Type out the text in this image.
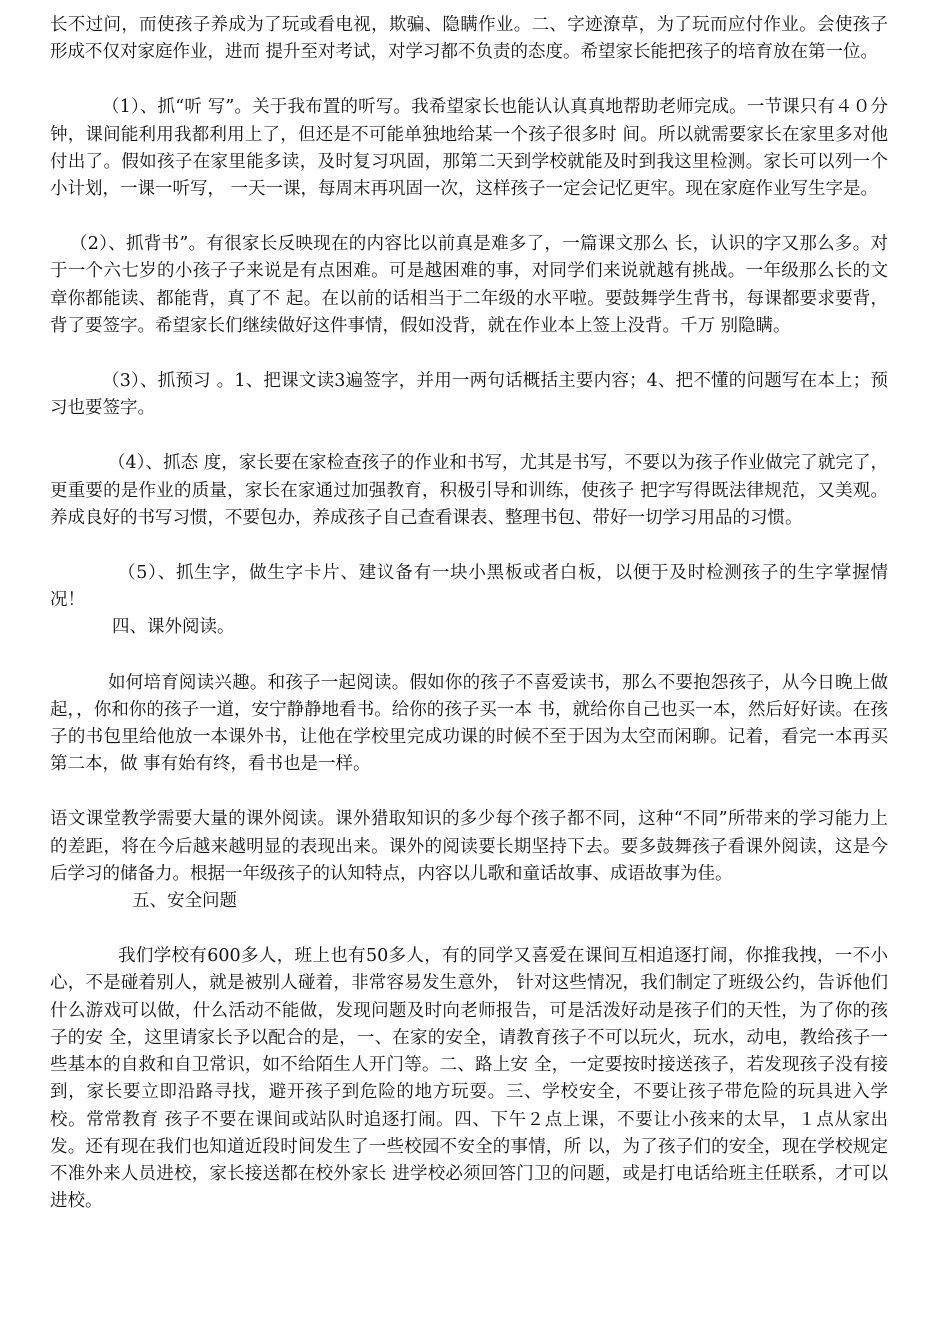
长不过问，而使孩子养成为了玩或看电视，欺骗、隐瞒作业。二、字迹潦草，为了玩而应付作业。会使孩子形成不仅对家庭作业，进而 提升至对考试，对学习都不负责的态度。希望家长能把孩子的培育放在第一位。

（1）、抓“听 写”。关于我布置的听写。我希望家长也能认认真真地帮助老师完成。一节课只有４０分钟，课间能利用我都利用上了，但还是不可能单独地给某一个孩子很多时 间。所以就需要家长在家里多对他付出了。假如孩子在家里能多读，及时复习巩固，那第二天到学校就能及时到我这里检测。家长可以列一个小计划，一课一听写， 一天一课，每周末再巩固一次，这样孩子一定会记忆更牢。现在家庭作业写生字是。

（2）、抓背书”。有很家长反映现在的内容比以前真是难多了，一篇课文那么 长，认识的字又那么多。对于一个六七岁的小孩子子来说是有点困难。可是越困难的事，对同学们来说就越有挑战。一年级那么长的文章你都能读、都能背，真了不 起。在以前的话相当于二年级的水平啦。要鼓舞学生背书，每课都要求要背，背了要签字。希望家长们继续做好这件事情，假如没背，就在作业本上签上没背。千万 别隐瞒。

（3）、抓预习 。1、把课文读3遍签字，并用一两句话概括主要内容；4、把不懂的问题写在本上；预习也要签字。

（4）、抓态 度，家长要在家检查孩子的作业和书写，尤其是书写，不要以为孩子作业做完了就完了，更重要的是作业的质量，家长在家通过加强教育，积极引导和训练，使孩子 把字写得既法律规范，又美观。养成良好的书写习惯，不要包办，养成孩子自己查看课表、整理书包、带好一切学习用品的习惯。

（5）、抓生字，做生字卡片、建议备有一块小黑板或者白板，以便于及时检测孩子的生字掌握情况！

四、课外阅读。

如何培育阅读兴趣。和孩子一起阅读。假如你的孩子不喜爱读书，那么不要抱怨孩子，从今日晚上做起，，你和你的孩子一道，安宁静静地看书。给你的孩子买一本 书，就给你自己也买一本，然后好好读。在孩子的书包里给他放一本课外书，让他在学校里完成功课的时候不至于因为太空而闲聊。记着，看完一本再买第二本，做 事有始有终，看书也是一样。

语文课堂教学需要大量的课外阅读。课外猎取知识的多少每个孩子都不同，这种“不同”所带来的学习能力上的差距，将在今后越来越明显的表现出来。课外的阅读要长期坚持下去。要多鼓舞孩子看课外阅读，这是今后学习的储备力。根据一年级孩子的认知特点，内容以儿歌和童话故事、成语故事为佳。

五、安全问题

我们学校有600多人，班上也有50多人，有的同学又喜爱在课间互相追逐打闹，你推我拽，一不小心，不是碰着别人，就是被别人碰着，非常容易发生意外， 针对这些情况，我们制定了班级公约，告诉他们什么游戏可以做，什么活动不能做，发现问题及时向老师报告，可是活泼好动是孩子们的天性，为了你的孩子的安 全，这里请家长予以配合的是，一、在家的安全，请教育孩子不可以玩火，玩水，动电，教给孩子一些基本的自救和自卫常识，如不给陌生人开门等。二、路上安 全，一定要按时接送孩子，若发现孩子没有接到，家长要立即沿路寻找，避开孩子到危险的地方玩耍。三、学校安全，不要让孩子带危险的玩具进入学校。常常教育 孩子不要在课间或站队时追逐打闹。四、下午２点上课，不要让小孩来的太早，１点从家出发。还有现在我们也知道近段时间发生了一些校园不安全的事情，所 以，为了孩子们的安全，现在学校规定不准外来人员进校，家长接送都在校外家长 进学校必须回答门卫的问题，或是打电话给班主任联系，才可以进校。
